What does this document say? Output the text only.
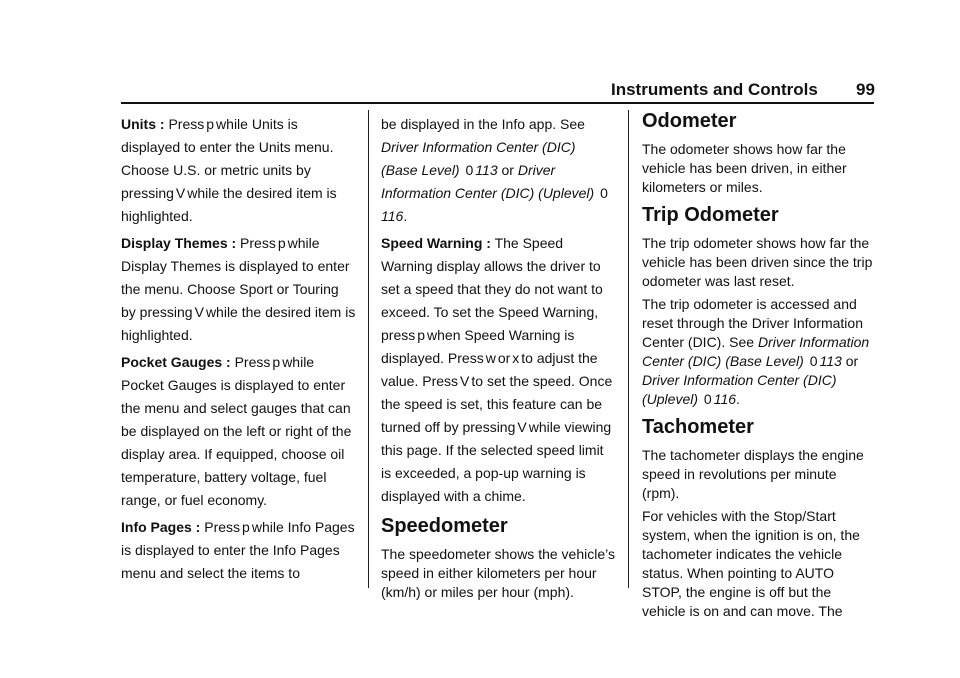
Instruments and Controls 99

Units : Press p while Units is displayed to enter the Units menu. Choose U.S. or metric units by pressing V while the desired item is highlighted.

Display Themes : Press p while Display Themes is displayed to enter the menu. Choose Sport or Touring by pressing V while the desired item is highlighted.

Pocket Gauges : Press p while Pocket Gauges is displayed to enter the menu and select gauges that can be displayed on the left or right of the display area. If equipped, choose oil temperature, battery voltage, fuel range, or fuel economy.

Info Pages : Press p while Info Pages is displayed to enter the Info Pages menu and select the items to

be displayed in the Info app. See Driver Information Center (DIC) (Base Level) 0 113 or Driver Information Center (DIC) (Uplevel) 0116.

Speed Warning : The Speed Warning display allows the driver to set a speed that they do not want to exceed. To set the Speed Warning, press p when Speed Warning is displayed. Press w or x to adjust the value. Press V to set the speed. Once the speed is set, this feature can be turned off by pressing V while viewing this page. If the selected speed limit is exceeded, a pop-up warning is displayed with a chime.

Speedometer

The speedometer shows the vehicle’s speed in either kilometers per hour (km/h) or miles per hour (mph).

Odometer

The odometer shows how far the vehicle has been driven, in either kilometers or miles.

Trip Odometer

The trip odometer shows how far the vehicle has been driven since the trip odometer was last reset.

The trip odometer is accessed and reset through the Driver Information Center (DIC). See Driver Information Center (DIC) (Base Level) 0 113 or Driver Information Center (DIC) (Uplevel) 0 116.

Tachometer

The tachometer displays the engine speed in revolutions per minute (rpm).

For vehicles with the Stop/Start system, when the ignition is on, the tachometer indicates the vehicle status. When pointing to AUTO STOP, the engine is off but the vehicle is on and can move. The
